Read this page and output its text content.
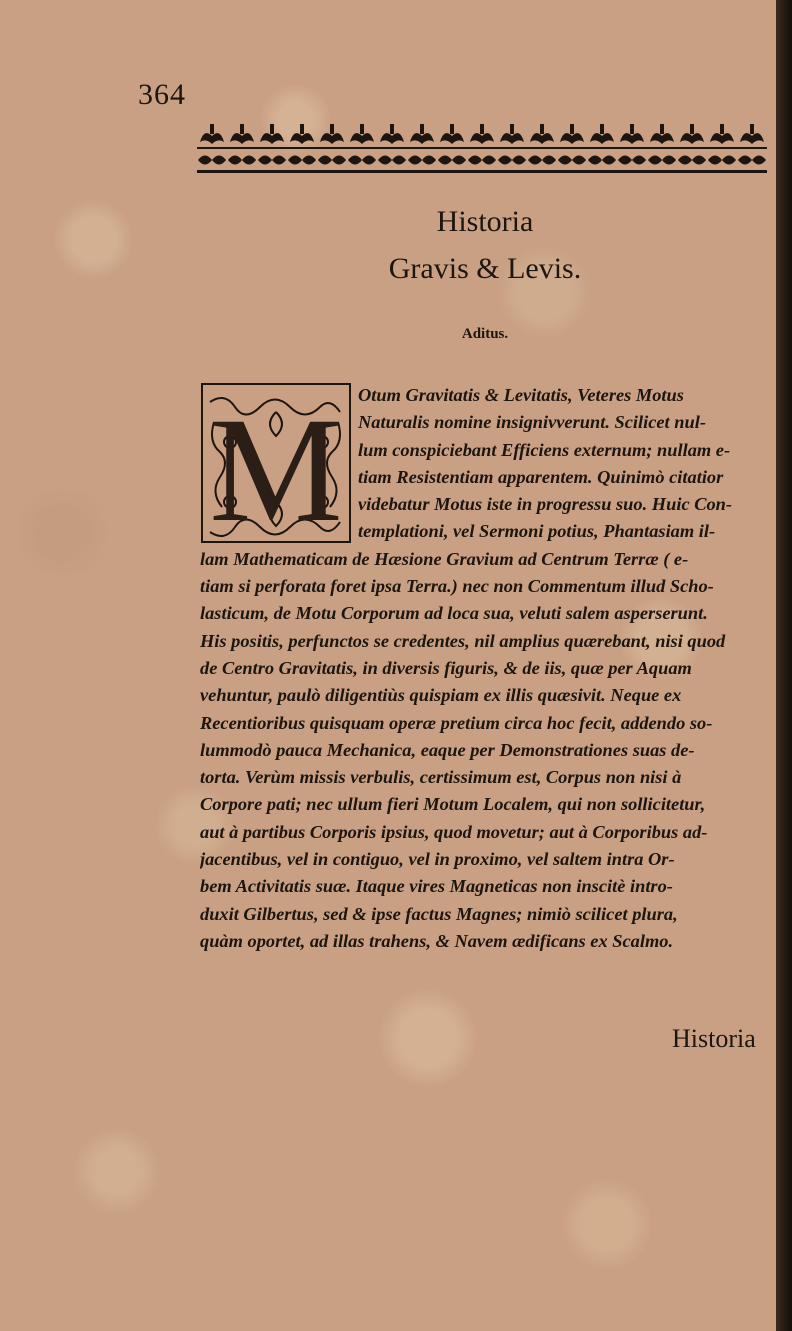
364
Historia
Gravis & Levis.
Aditus.
M Otum Gravitatis & Levitatis, Veteres Motus
Naturalis nomine insignivverunt. Scilicet nul-
lum conspiciebant Efficiens externum; nullam e-
tiam Resistentiam apparentem. Quinimò citatior
videbatur Motus iste in progressu suo. Huic Con-
templationi, vel Sermoni potius, Phantasiam il-
lam Mathematicam de Hæsione Gravium ad Centrum Terræ ( e-
tiam si perforata foret ipsa Terra.) nec non Commentum illud Scho-
lasticum, de Motu Corporum ad loca sua, veluti salem asperserunt.
His positis, perfunctos se credentes, nil amplius quærebant, nisi quod
de Centro Gravitatis, in diversis figuris, & de iis, quæ per Aquam
vehuntur, paulò diligentiùs quispiam ex illis quæsivit. Neque ex
Recentioribus quisquam operæ pretium circa hoc fecit, addendo so-
lummodò pauca Mechanica, eaque per Demonstrationes suas de-
torta. Verùm missis verbulis, certissimum est, Corpus non nisi à
Corpore pati; nec ullum fieri Motum Localem, qui non sollicitetur,
aut à partibus Corporis ipsius, quod movetur; aut à Corporibus ad-
jacentibus, vel in contiguo, vel in proximo, vel saltem intra Or-
bem Activitatis suæ. Itaque vires Magneticas non inscitè intro-
duxit Gilbertus, sed & ipse factus Magnes; nimiò scilicet plura,
quàm oportet, ad illas trahens, & Navem ædificans ex Scalmo.
Historia
